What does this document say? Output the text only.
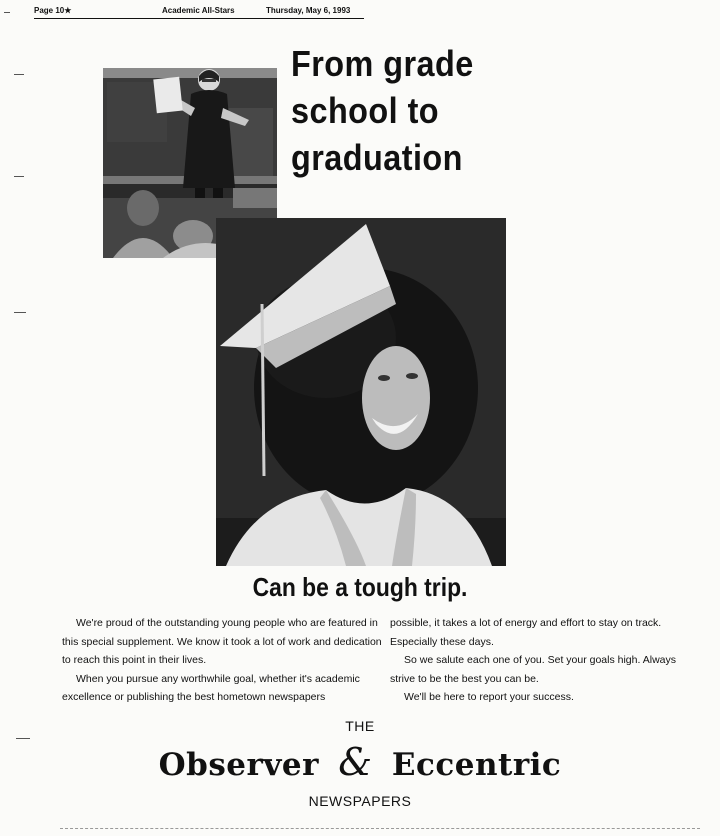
Page 10★	Academic All-Stars	Thursday, May 6, 1993
From grade
school to
graduation
Can be a tough trip.

We're proud of the outstanding young people who are featured in this special supplement. We know it took a lot of work and dedication to reach this point in their lives.

When you pursue any worthwhile goal, whether it's academic excellence or publishing the best hometown newspapers

possible, it takes a lot of energy and effort to stay on track. Especially these days.

So we salute each one of you. Set your goals high. Always strive to be the best you can be.

We'll be here to report your success.

THE
Observer & Eccentric
NEWSPAPERS
